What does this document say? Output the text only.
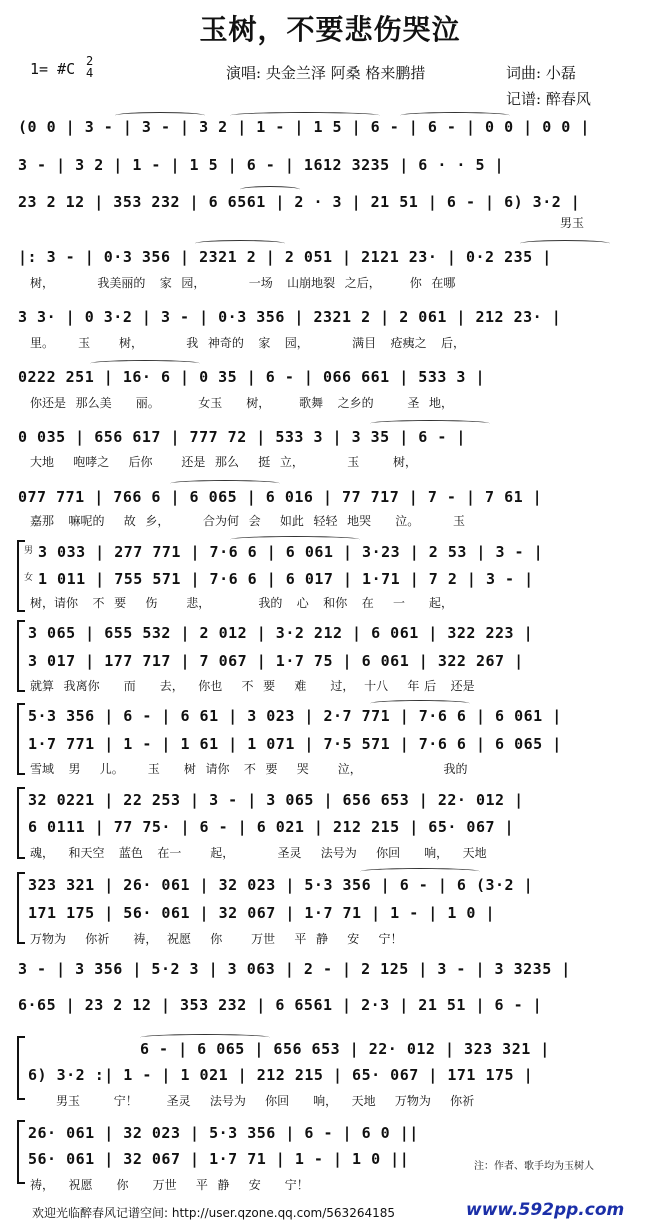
玉树，不要悲伤哭泣
1= #C 2
4	演唱: 央金兰泽 阿桑 格来鹏措	词曲: 小磊
记谱: 醉春风
(0 0 | 3 - | 3 - | 3 2 | 1 - | 1 5 | 6 - | 6 - | 0 0 | 0 0 |
3 - | 3 2 | 1 - | 1 5 | 6 - | 1612 3235 | 6 · · 5 |
23 2 12 | 353 232 | 6 6561 | 2 · 3 | 21 51 | 6 - | 6) 3·2 |
男玉
|: 3 - | 0·3 356 | 2321 2 | 2 051 | 2121 23· | 0·2 235 |
树，         我美丽的   家  园，         一场   山崩地裂  之后，      你  在哪
3 3· | 0 3·2 | 3 - | 0·3 356 | 2321 2 | 2 061 | 212 23· |
里。     玉      树，         我  神奇的   家   园，         满目   疮痍之   后，
0222 251 | 16· 6 | 0 35 | 6 - | 066 661 | 533 3 |
你还是  那么美     丽。        女玉     树，      歌舞   之乡的       圣  地，
0 035 | 656 617 | 777 72 | 533 3 | 3 35 | 6 - |
大地    咆哮之    后你      还是  那么    挺  立，         玉       树，
077 771 | 766 6 | 6 065 | 6 016 | 77 717 | 7 - | 7 61 |
嘉那   嘛呢的    故  乡，       合为何  会    如此  轻轻  地哭     泣。       玉
男
女
3 033 | 277 771 | 7·6 6 | 6 061 | 3·23 | 2 53 | 3 - |
1 011 | 755 571 | 7·6 6 | 6 017 | 1·71 | 7 2 | 3 - |
树，请你   不  要    伤      悲，          我的   心   和你   在    一     起，
3 065 | 655 532 | 2 012 | 3·2 212 | 6 061 | 322 223 |
3 017 | 177 717 | 7 067 | 1·7 75 | 6 061 | 322 267 |
就算  我离你     而     去，   你也    不  要    难     过，  十八    年 后   还是
5·3 356 | 6 - | 6 61 | 3 023 | 2·7 771 | 7·6 6 | 6 061 |
1·7 771 | 1 - | 1 61 | 1 071 | 7·5 571 | 7·6 6 | 6 065 |
雪域   男    儿。     玉     树  请你   不  要    哭      泣，                 我的
32 0221 | 22 253 | 3 - | 3 065 | 656 653 | 22· 012 |
6 0111 | 77 75· | 6 - | 6 021 | 212 215 | 65· 067 |
魂，   和天空   蓝色   在一      起，         圣灵    法号为    你回     响，   天地
323 321 | 26· 061 | 32 023 | 5·3 356 | 6 - | 6 (3·2 |
171 175 | 56· 061 | 32 067 | 1·7 71 | 1 - | 1 0 |
万物为    你祈     祷，  祝愿    你      万世    平  静    安    宁！
3 - | 3 356 | 5·2 3 | 3 063 | 2 - | 2 125 | 3 - | 3 3235 |
6·65 | 23 2 12 | 353 232 | 6 6561 | 2·3 | 21 51 | 6 - |
6 - | 6 065 | 656 653 | 22· 012 | 323 321 |
6) 3·2 :| 1 - | 1 021 | 212 215 | 65· 067 | 171 175 |
男玉       宁！      圣灵    法号为    你回     响，   天地    万物为    你祈
26· 061 | 32 023 | 5·3 356 | 6 - | 6 0 ||
56· 061 | 32 067 | 1·7 71 | 1 - | 1 0 ||	注：作者、歌手均为玉树人
祷，   祝愿     你     万世    平  静    安     宁！
欢迎光临醉春风记谱空间: http://user.qzone.qq.com/563264185	www.592pp.com
